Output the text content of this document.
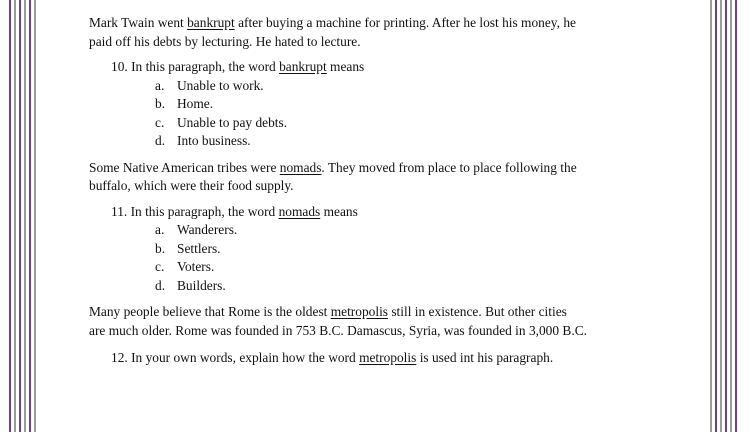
Mark Twain went bankrupt after buying a machine for printing. After he lost his money, he
paid off his debts by lecturing. He hated to lecture.

10. In this paragraph, the word bankrupt means

a. Unable to work.
b. Home.
c. Unable to pay debts.
d. Into business.

Some Native American tribes were nomads. They moved from place to place following the
buffalo, which were their food supply.

11. In this paragraph, the word nomads means

a. Wanderers.
b. Settlers.
c. Voters.
d. Builders.

Many people believe that Rome is the oldest metropolis still in existence. But other cities
are much older. Rome was founded in 753 B.C. Damascus, Syria, was founded in 3,000 B.C.

12. In your own words, explain how the word metropolis is used int his paragraph.
